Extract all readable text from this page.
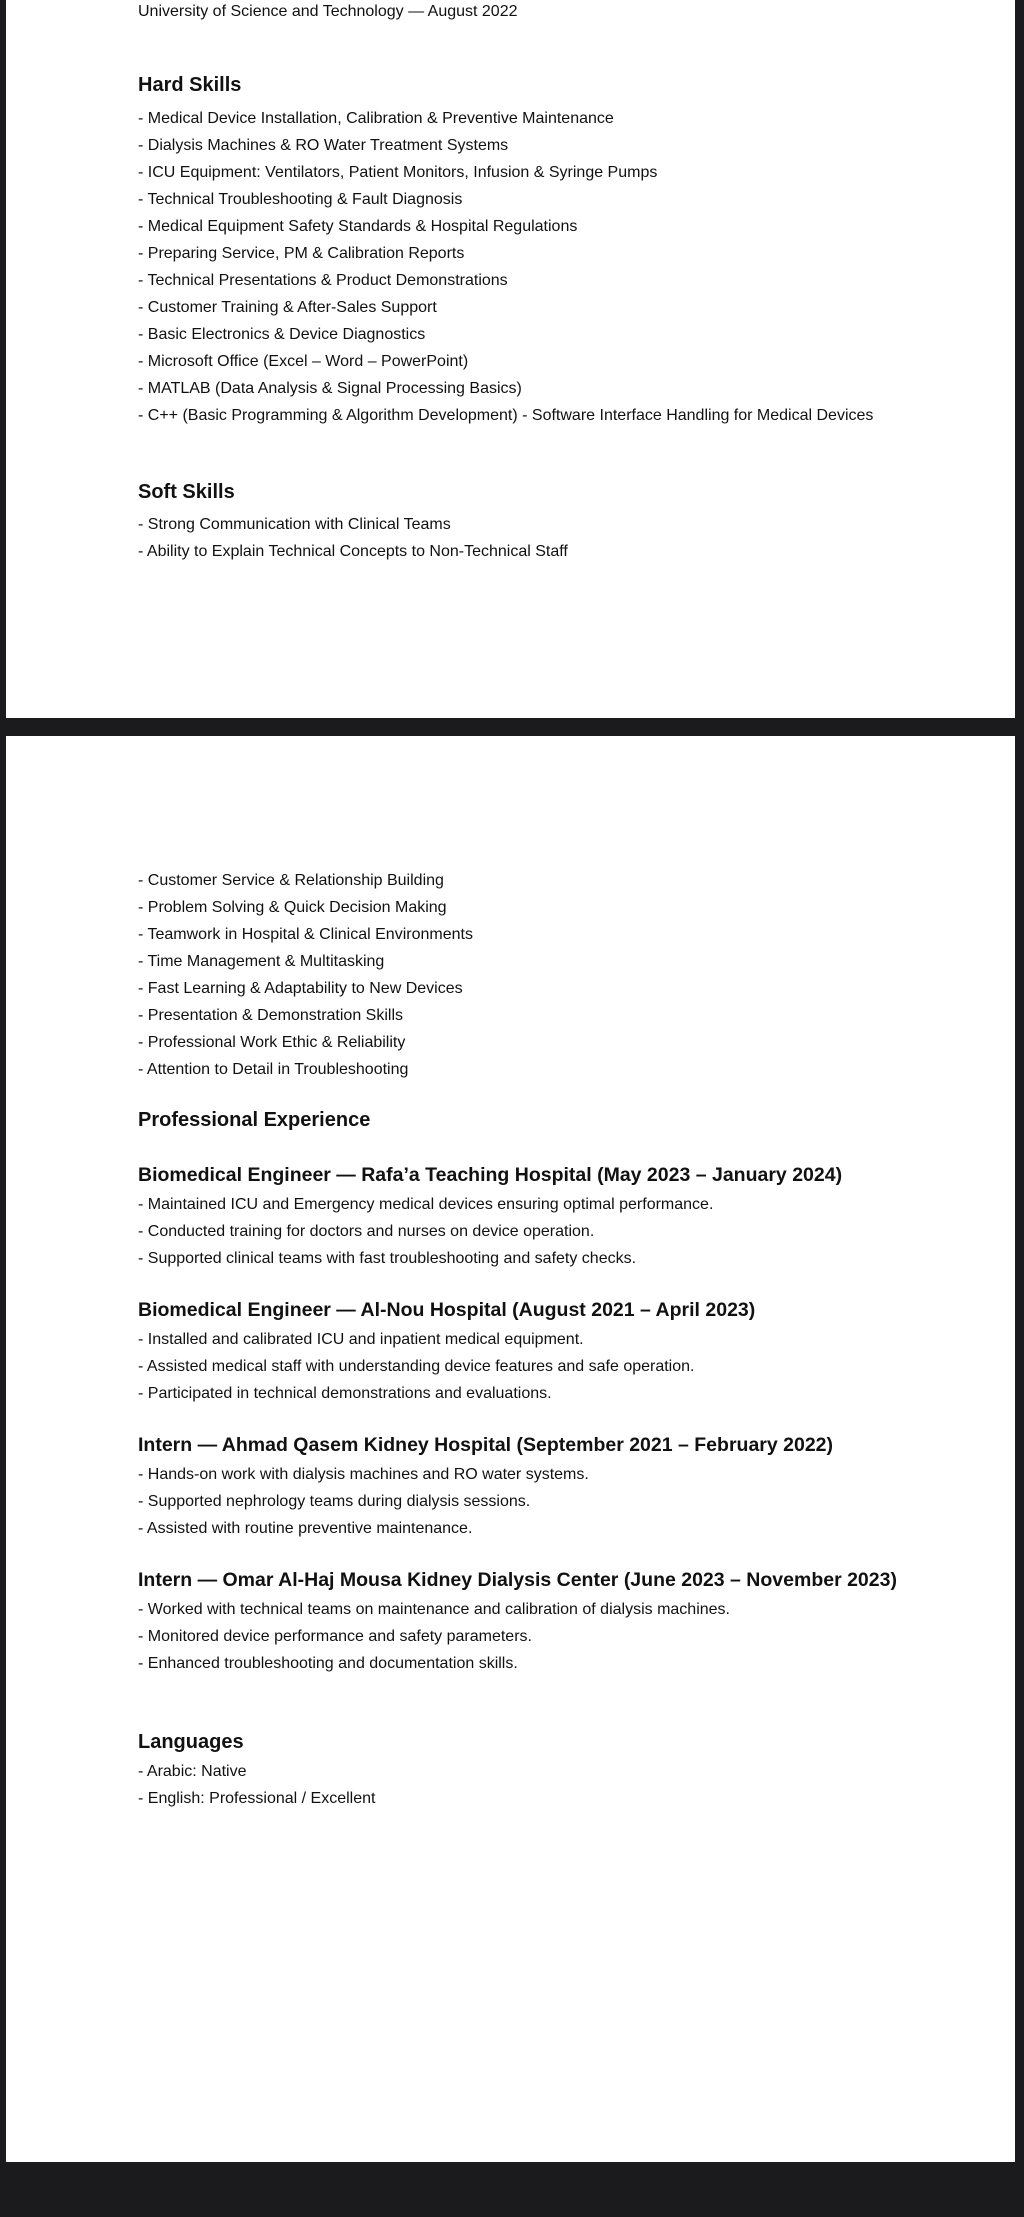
University of Science and Technology — August 2022

Hard Skills
- Medical Device Installation, Calibration & Preventive Maintenance
- Dialysis Machines & RO Water Treatment Systems
- ICU Equipment: Ventilators, Patient Monitors, Infusion & Syringe Pumps
- Technical Troubleshooting & Fault Diagnosis
- Medical Equipment Safety Standards & Hospital Regulations
- Preparing Service, PM & Calibration Reports
- Technical Presentations & Product Demonstrations
- Customer Training & After-Sales Support
- Basic Electronics & Device Diagnostics
- Microsoft Office (Excel – Word – PowerPoint)
- MATLAB (Data Analysis & Signal Processing Basics)
- C++ (Basic Programming & Algorithm Development) - Software Interface Handling for Medical Devices
Soft Skills
- Strong Communication with Clinical Teams
- Ability to Explain Technical Concepts to Non-Technical Staff
- Customer Service & Relationship Building
- Problem Solving & Quick Decision Making
- Teamwork in Hospital & Clinical Environments
- Time Management & Multitasking
- Fast Learning & Adaptability to New Devices
- Presentation & Demonstration Skills
- Professional Work Ethic & Reliability
- Attention to Detail in Troubleshooting
Professional Experience
Biomedical Engineer — Rafa’a Teaching Hospital (May 2023 – January 2024)
- Maintained ICU and Emergency medical devices ensuring optimal performance.
- Conducted training for doctors and nurses on device operation.
- Supported clinical teams with fast troubleshooting and safety checks.
Biomedical Engineer — Al-Nou Hospital (August 2021 – April 2023)
- Installed and calibrated ICU and inpatient medical equipment.
- Assisted medical staff with understanding device features and safe operation.
- Participated in technical demonstrations and evaluations.
Intern — Ahmad Qasem Kidney Hospital (September 2021 – February 2022)
- Hands-on work with dialysis machines and RO water systems.
- Supported nephrology teams during dialysis sessions.
- Assisted with routine preventive maintenance.
Intern — Omar Al-Haj Mousa Kidney Dialysis Center (June 2023 – November 2023)
- Worked with technical teams on maintenance and calibration of dialysis machines.
- Monitored device performance and safety parameters.
- Enhanced troubleshooting and documentation skills.
Languages
- Arabic: Native
- English: Professional / Excellent
